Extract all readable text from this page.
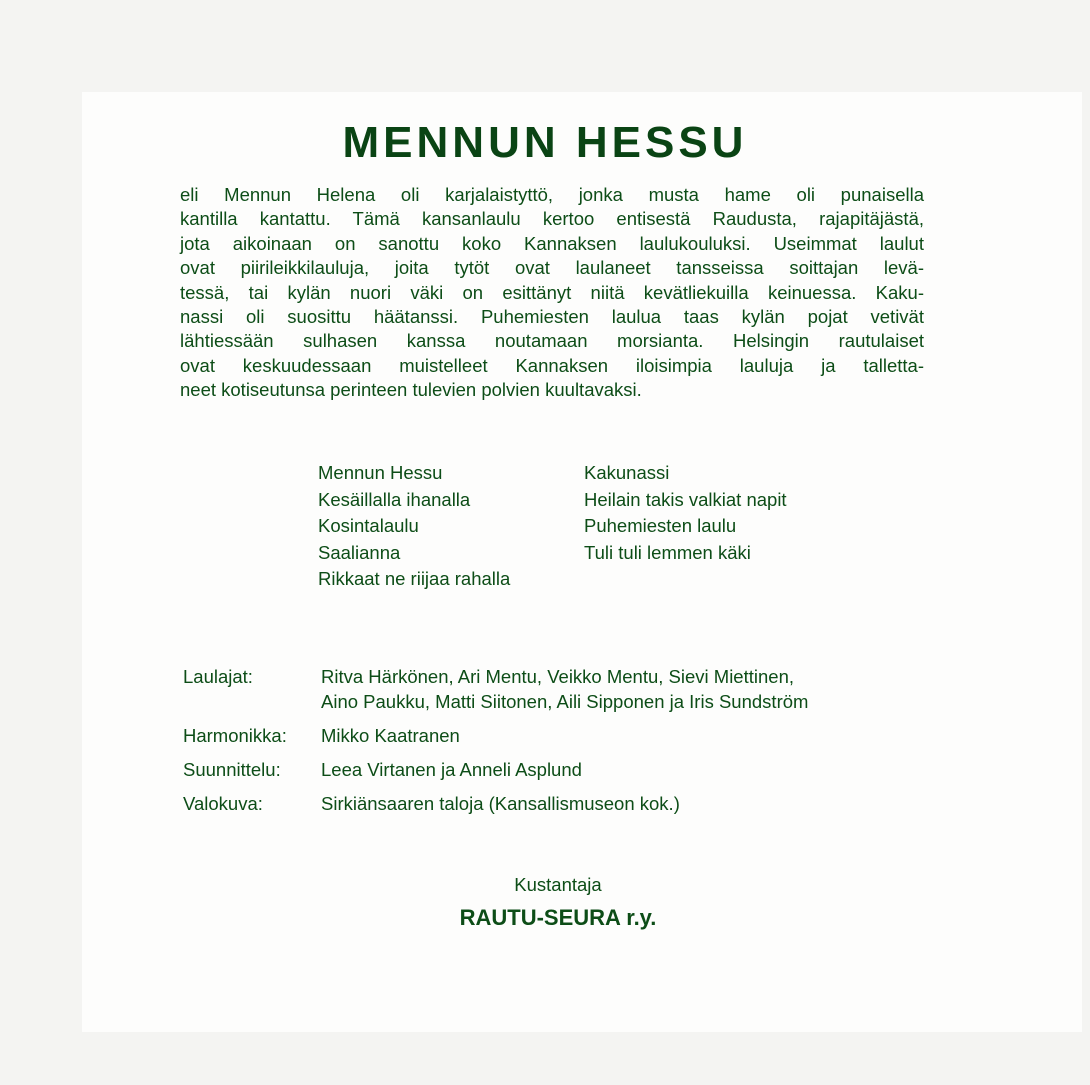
MENNUN HESSU
eli Mennun Helena oli karjalaistyttö, jonka musta hame oli punaisella
kantilla kantattu. Tämä kansanlaulu kertoo entisestä Raudusta, rajapitäjästä,
jota aikoinaan on sanottu koko Kannaksen laulukouluksi. Useimmat laulut
ovat piirileikkilauluja, joita tytöt ovat laulaneet tansseissa soittajan levä-
tessä, tai kylän nuori väki on esittänyt niitä kevätliekuilla keinuessa. Kaku-
nassi oli suosittu häätanssi. Puhemiesten laulua taas kylän pojat vetivät
lähtiessään sulhasen kanssa noutamaan morsianta. Helsingin rautulaiset
ovat keskuudessaan muistelleet Kannaksen iloisimpia lauluja ja talletta-
neet kotiseutunsa perinteen tulevien polvien kuultavaksi.
Mennun Hessu
Kesäillalla ihanalla
Kosintalaulu
Saalianna
Rikkaat ne riijaa rahalla
Kakunassi
Heilain takis valkiat napit
Puhemiesten laulu
Tuli tuli lemmen käki
Laulajat:	Ritva Härkönen, Ari Mentu, Veikko Mentu, Sievi Miettinen,
Aino Paukku, Matti Siitonen, Aili Sipponen ja Iris Sundström
Harmonikka:	Mikko Kaatranen
Suunnittelu:	Leea Virtanen ja Anneli Asplund
Valokuva:	Sirkiänsaaren taloja (Kansallismuseon kok.)
Kustantaja
RAUTU-SEURA r.y.
